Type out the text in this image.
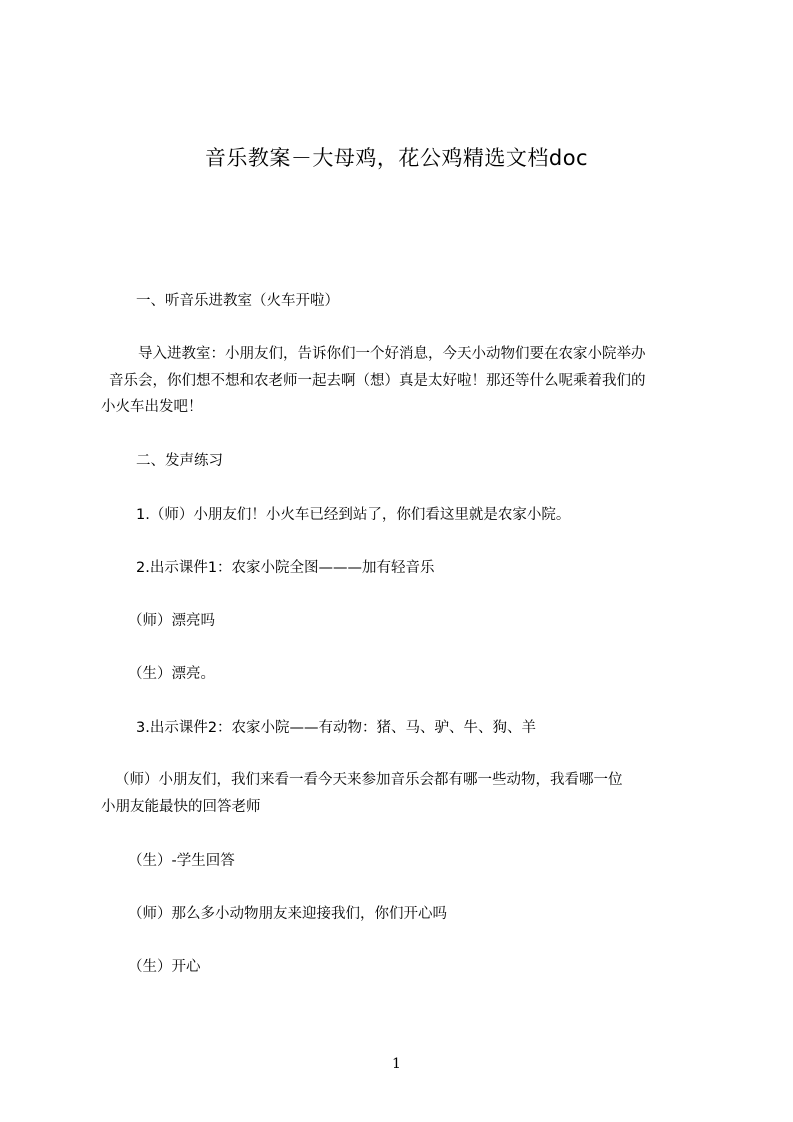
音乐教案－大母鸡，花公鸡精选文档doc
一、听音乐进教室（火车开啦）
导入进教室：小朋友们，告诉你们一个好消息，今天小动物们要在农家小院举办
音乐会，你们想不想和农老师一起去啊（想）真是太好啦！那还等什么呢乘着我们的
小火车出发吧！
二、发声练习
1.（师）小朋友们！小火车已经到站了，你们看这里就是农家小院。
2.出示课件1：农家小院全图———加有轻音乐
（师）漂亮吗
（生）漂亮。
3.出示课件2：农家小院——有动物：猪、马、驴、牛、狗、羊
（师）小朋友们，我们来看一看今天来参加音乐会都有哪一些动物，我看哪一位
小朋友能最快的回答老师
（生）-学生回答
（师）那么多小动物朋友来迎接我们，你们开心吗
（生）开心
1
